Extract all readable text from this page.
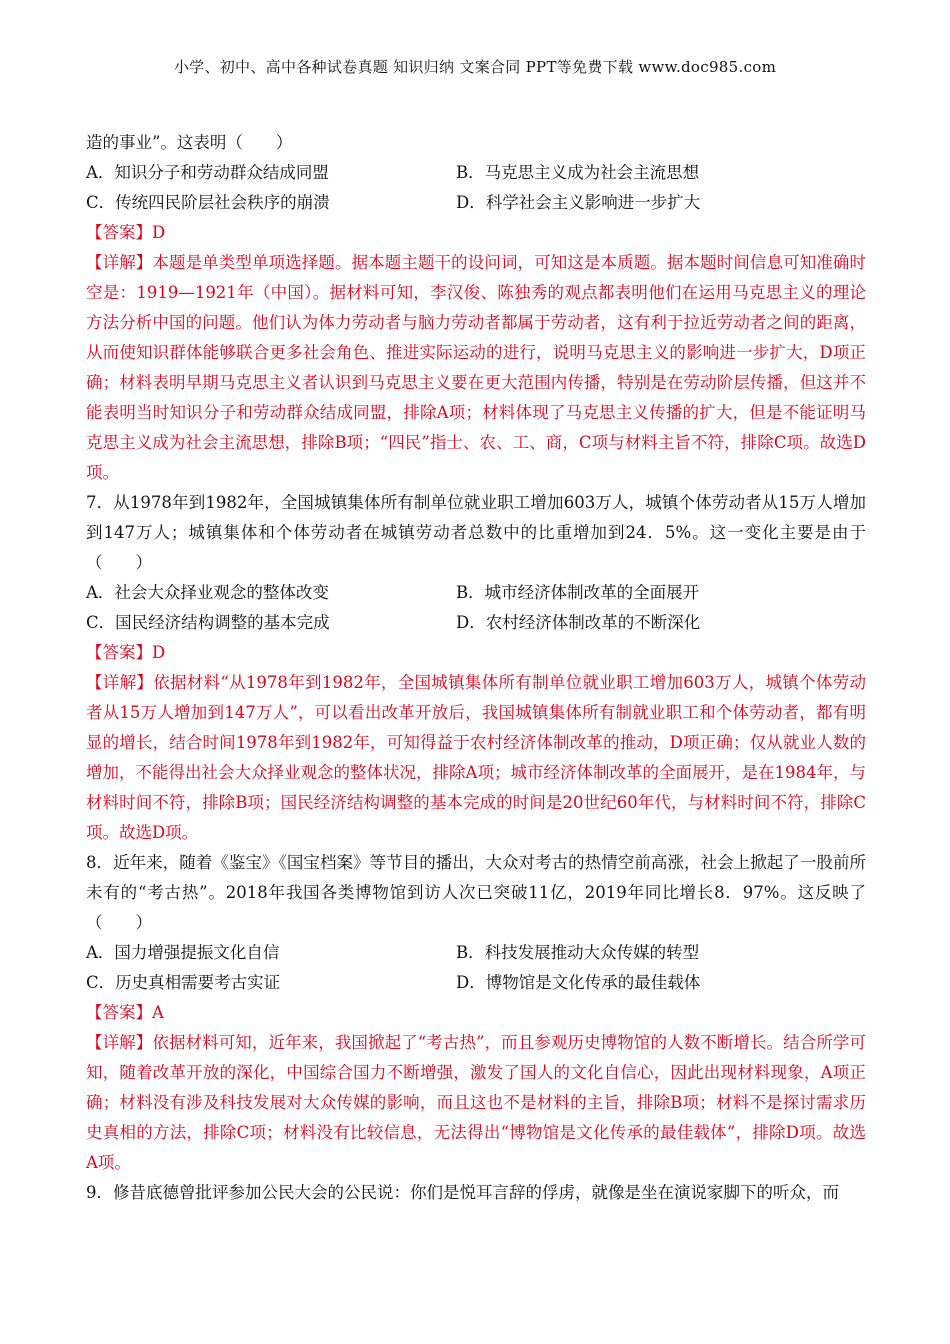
小学、初中、高中各种试卷真题 知识归纳 文案合同 PPT等免费下载 www.doc985.com
造的事业”。这表明（　　）
A．知识分子和劳动群众结成同盟	B．马克思主义成为社会主流思想
C．传统四民阶层社会秩序的崩溃	D．科学社会主义影响进一步扩大
【答案】D
【详解】本题是单类型单项选择题。据本题主题干的设问词，可知这是本质题。据本题时间信息可知准确时空是：1919—1921年（中国）。据材料可知，李汉俊、陈独秀的观点都表明他们在运用马克思主义的理论方法分析中国的问题。他们认为体力劳动者与脑力劳动者都属于劳动者，这有利于拉近劳动者之间的距离，从而使知识群体能够联合更多社会角色、推进实际运动的进行，说明马克思主义的影响进一步扩大，D项正确；材料表明早期马克思主义者认识到马克思主义要在更大范围内传播，特别是在劳动阶层传播，但这并不能表明当时知识分子和劳动群众结成同盟，排除A项；材料体现了马克思主义传播的扩大，但是不能证明马克思主义成为社会主流思想，排除B项；“四民”指士、农、工、商，C项与材料主旨不符，排除C项。故选D项。
7．从1978年到1982年，全国城镇集体所有制单位就业职工增加603万人，城镇个体劳动者从15万人增加到147万人；城镇集体和个体劳动者在城镇劳动者总数中的比重增加到24．5%。这一变化主要是由于（　　）
A．社会大众择业观念的整体改变	B．城市经济体制改革的全面展开
C．国民经济结构调整的基本完成	D．农村经济体制改革的不断深化
【答案】D
【详解】依据材料“从1978年到1982年，全国城镇集体所有制单位就业职工增加603万人，城镇个体劳动者从15万人增加到147万人”，可以看出改革开放后，我国城镇集体所有制就业职工和个体劳动者，都有明显的增长，结合时间1978年到1982年，可知得益于农村经济体制改革的推动，D项正确；仅从就业人数的增加，不能得出社会大众择业观念的整体状况，排除A项；城市经济体制改革的全面展开，是在1984年，与材料时间不符，排除B项；国民经济结构调整的基本完成的时间是20世纪60年代，与材料时间不符，排除C项。故选D项。
8．近年来，随着《鉴宝》《国宝档案》等节目的播出，大众对考古的热情空前高涨，社会上掀起了一股前所未有的“考古热”。2018年我国各类博物馆到访人次已突破11亿，2019年同比增长8．97%。这反映了（　　）
A．国力增强提振文化自信	B．科技发展推动大众传媒的转型
C．历史真相需要考古实证	D．博物馆是文化传承的最佳载体
【答案】A
【详解】依据材料可知，近年来，我国掀起了“考古热”，而且参观历史博物馆的人数不断增长。结合所学可知，随着改革开放的深化，中国综合国力不断增强，激发了国人的文化自信心，因此出现材料现象，A项正确；材料没有涉及科技发展对大众传媒的影响，而且这也不是材料的主旨，排除B项；材料不是探讨需求历史真相的方法，排除C项；材料没有比较信息，无法得出“博物馆是文化传承的最佳载体”，排除D项。故选A项。
9．修昔底德曾批评参加公民大会的公民说：你们是悦耳言辞的俘虏，就像是坐在演说家脚下的听众，而
